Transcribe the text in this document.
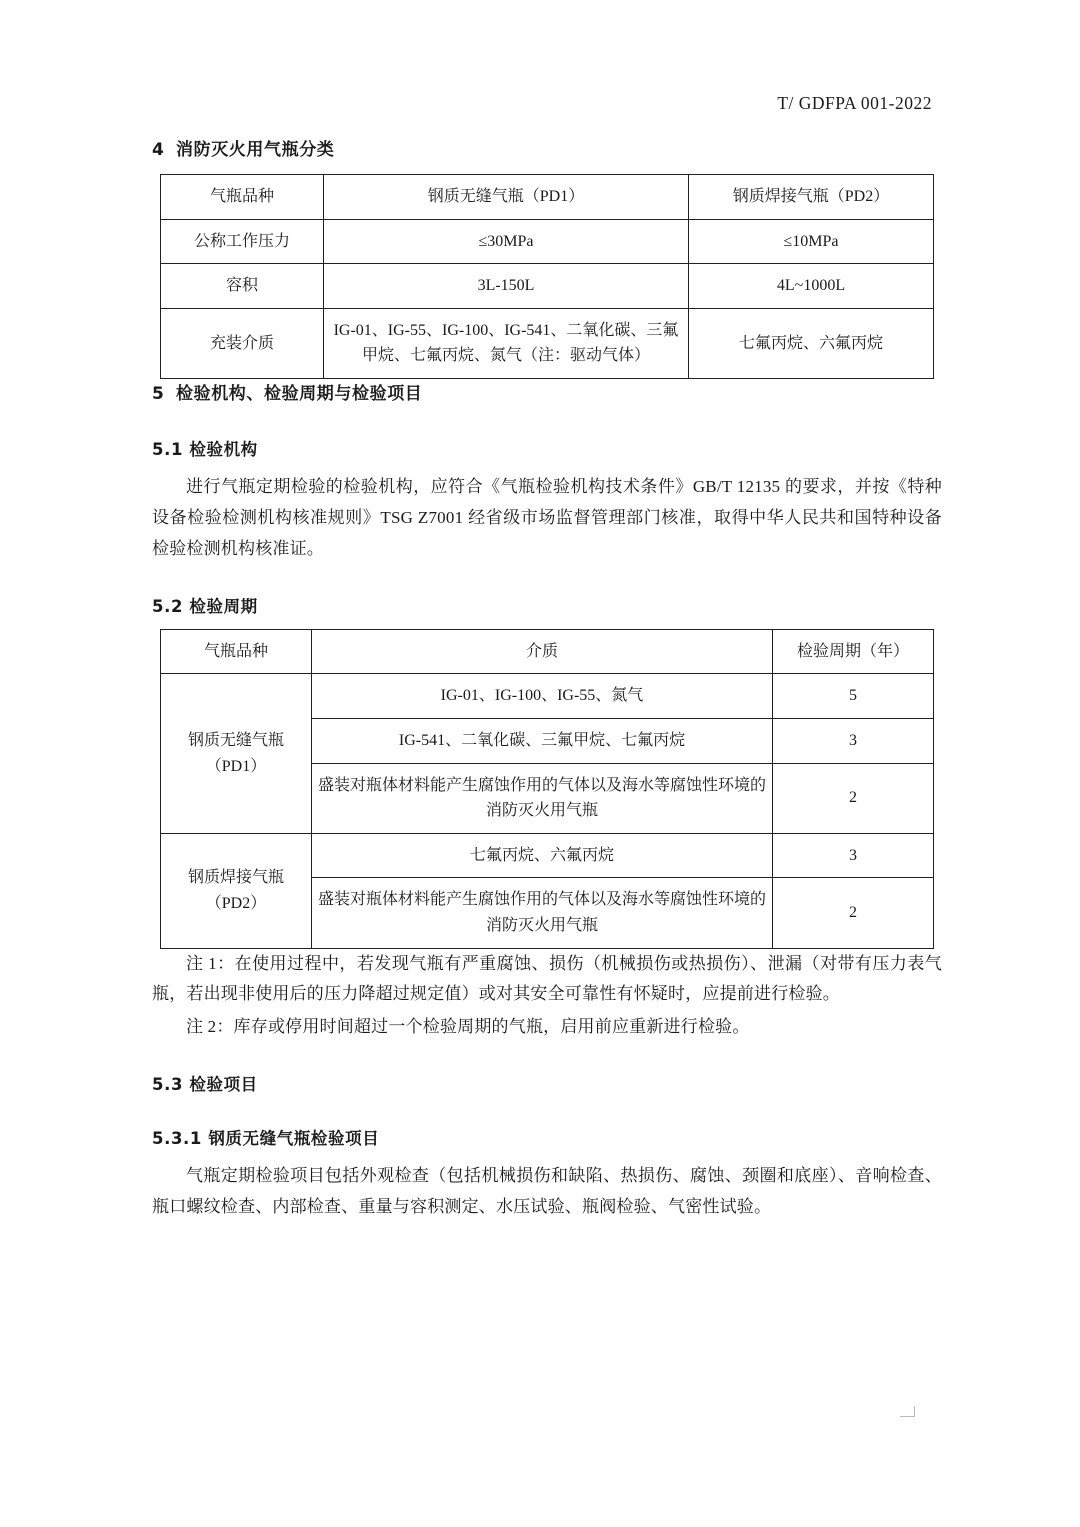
T/ GDFPA 001-2022
4 消防灭火用气瓶分类
气瓶品种	钢质无缝气瓶（PD1）	钢质焊接气瓶（PD2）
公称工作压力	≤30MPa	≤10MPa
容积	3L-150L	4L~1000L
充装介质	IG-01、IG-55、IG-100、IG-541、二氧化碳、三氟甲烷、七氟丙烷、氮气（注：驱动气体）	七氟丙烷、六氟丙烷
5 检验机构、检验周期与检验项目
5.1 检验机构

进行气瓶定期检验的检验机构，应符合《气瓶检验机构技术条件》GB/T 12135 的要求，并按《特种设备检验检测机构核准规则》TSG Z7001 经省级市场监督管理部门核准，取得中华人民共和国特种设备检验检测机构核准证。

5.2 检验周期
气瓶品种	介质	检验周期（年）
钢质无缝气瓶（PD1）	IG-01、IG-100、IG-55、氮气	5
	IG-541、二氧化碳、三氟甲烷、七氟丙烷	3
	盛装对瓶体材料能产生腐蚀作用的气体以及海水等腐蚀性环境的消防灭火用气瓶	2
钢质焊接气瓶（PD2）	七氟丙烷、六氟丙烷	3
	盛装对瓶体材料能产生腐蚀作用的气体以及海水等腐蚀性环境的消防灭火用气瓶	2

注 1：在使用过程中，若发现气瓶有严重腐蚀、损伤（机械损伤或热损伤）、泄漏（对带有压力表气瓶，若出现非使用后的压力降超过规定值）或对其安全可靠性有怀疑时，应提前进行检验。

注 2：库存或停用时间超过一个检验周期的气瓶，启用前应重新进行检验。

5.3 检验项目
5.3.1 钢质无缝气瓶检验项目

气瓶定期检验项目包括外观检查（包括机械损伤和缺陷、热损伤、腐蚀、颈圈和底座）、音响检查、瓶口螺纹检查、内部检查、重量与容积测定、水压试验、瓶阀检验、气密性试验。
